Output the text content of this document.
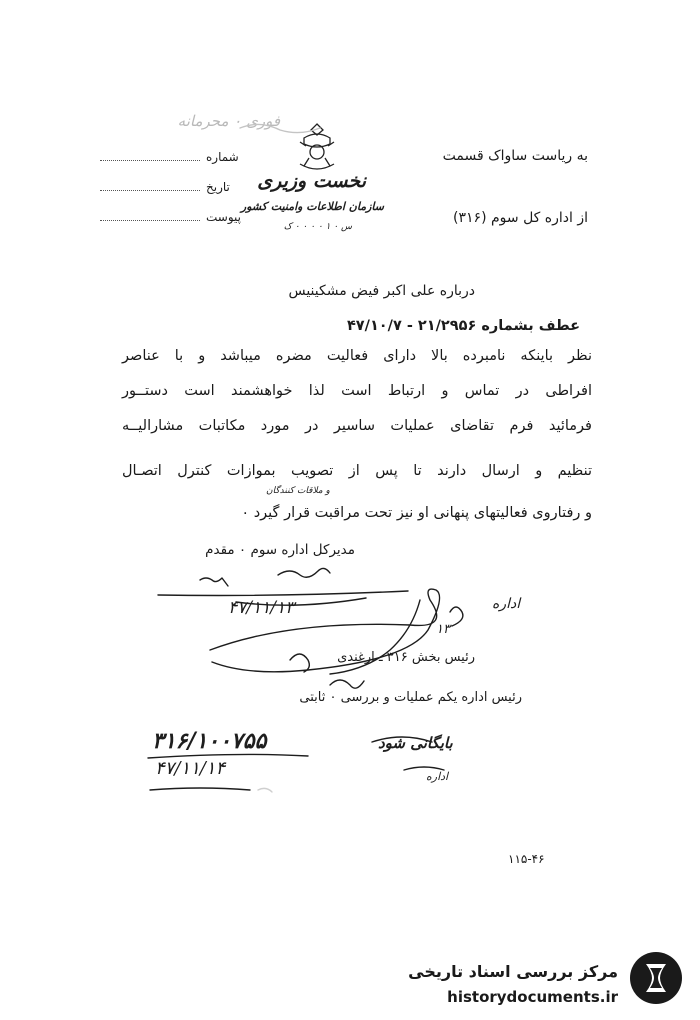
فوری ۰ محرمانه
شماره
تاریخ
پیوست
نخست وزیری
سازمان اطلاعات وامنیت کشور
س ۰ ۱ ۰ ۰ ۰ ۰ ک
به ریاست ساواک قسمت
از اداره کل سوم (۳۱۶)
درباره علی اکبر فیض مشکینیس
عطف بشماره ۲۱/۲۹۵۶ - ۴۷/۱۰/۷
نظر باینکه نامبرده بالا دارای فعالیت مضره میباشد و با عناصر
افراطی در تماس و ارتباط است لذا خواهشمند است دستــور
فرمائید فرم تقاضای عملیات ساسیر در مورد مکاتبات مشارالیــه
تنظیم و ارسال دارند تا پس از تصویب بموازات کنترل اتصـال
و ملاقات کنندگان
و رفتاروی فعالیتهای پنهانی او نیز تحت مراقبت قرار گیرد ۰
مدیرکل اداره سوم ۰ مقدم
۴۷/۱۱/۱۳
۱۳
اداره
رئیس بخش ۳۱۶ ـ ارغندی
رئیس اداره یکم عملیات و بررسی ۰ ثابتی
۳۱۶/۱۰۰۷۵۵
۴۷/۱۱/۱۴
بایگانی شود
اداره
۱۱۵-۴۶
مرکز بررسی اسناد تاریخی
historydocuments.ir
